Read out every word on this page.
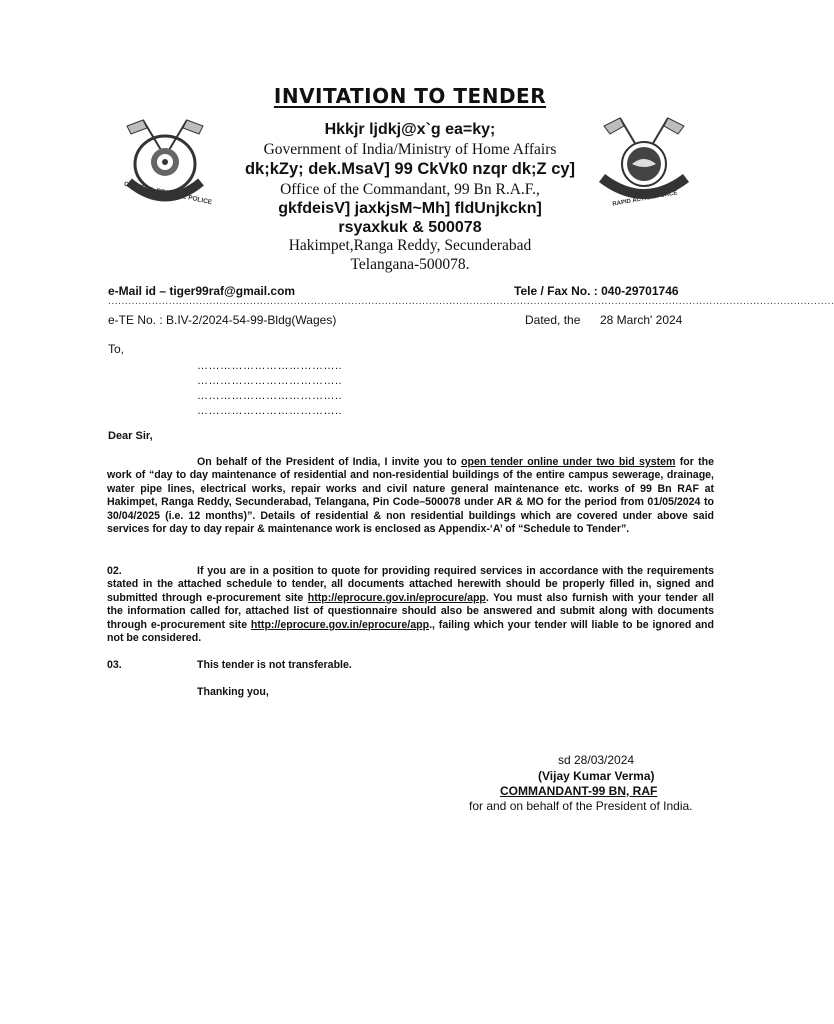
INVITATION TO TENDER
CENTRAL RESERVE POLICE	RAPID ACTION FORCE
Hkkjr ljdkj@x`g ea=ky;
Government of India/Ministry of Home Affairs
dk;kZy; dek.MsaV] 99 CkVk0 nzqr dk;Z cy]
Office of the Commandant, 99 Bn R.A.F.,
gkfdeisV] jaxkjsM~Mh] fldUnjkckn]
rsyaxkuk & 500078
Hakimpet,Ranga Reddy, Secunderabad
Telangana-500078.
e-Mail id – tiger99raf@gmail.com	Tele / Fax No. : 040-29701746
.......................................................................................................................................................................................................................
e-TE No. : B.IV-2/2024-54-99-Bldg(Wages)	Dated, the 28 March' 2024
To,
………………………………..
………………………………..
………………………………..
………………………………..
Dear Sir,
On behalf of the President of India, I invite you to open tender online under two bid system for the work of “day to day maintenance of residential and non-residential buildings of the entire campus sewerage, drainage, water pipe lines, electrical works, repair works and civil nature general maintenance etc. works of 99 Bn RAF at Hakimpet, Ranga Reddy, Secunderabad, Telangana, Pin Code–500078 under AR & MO for the period from 01/05/2024 to 30/04/2025 (i.e. 12 months)”. Details of residential & non residential buildings which are covered under above said services for day to day repair & maintenance work is enclosed as Appendix-‘A’ of “Schedule to Tender”.
02.	If you are in a position to quote for providing required services in accordance with the requirements stated in the attached schedule to tender, all documents attached herewith should be properly filled in, signed and submitted through e-procurement site http://eprocure.gov.in/eprocure/app. You must also furnish with your tender all the information called for, attached list of questionnaire should also be answered and submit along with documents through e-procurement site http://eprocure.gov.in/eprocure/app., failing which your tender will liable to be ignored and not be considered.
03.	This tender is not transferable.
Thanking you,
sd 28/03/2024
(Vijay Kumar Verma)
COMMANDANT-99 BN, RAF
for and on behalf of the President of India.
